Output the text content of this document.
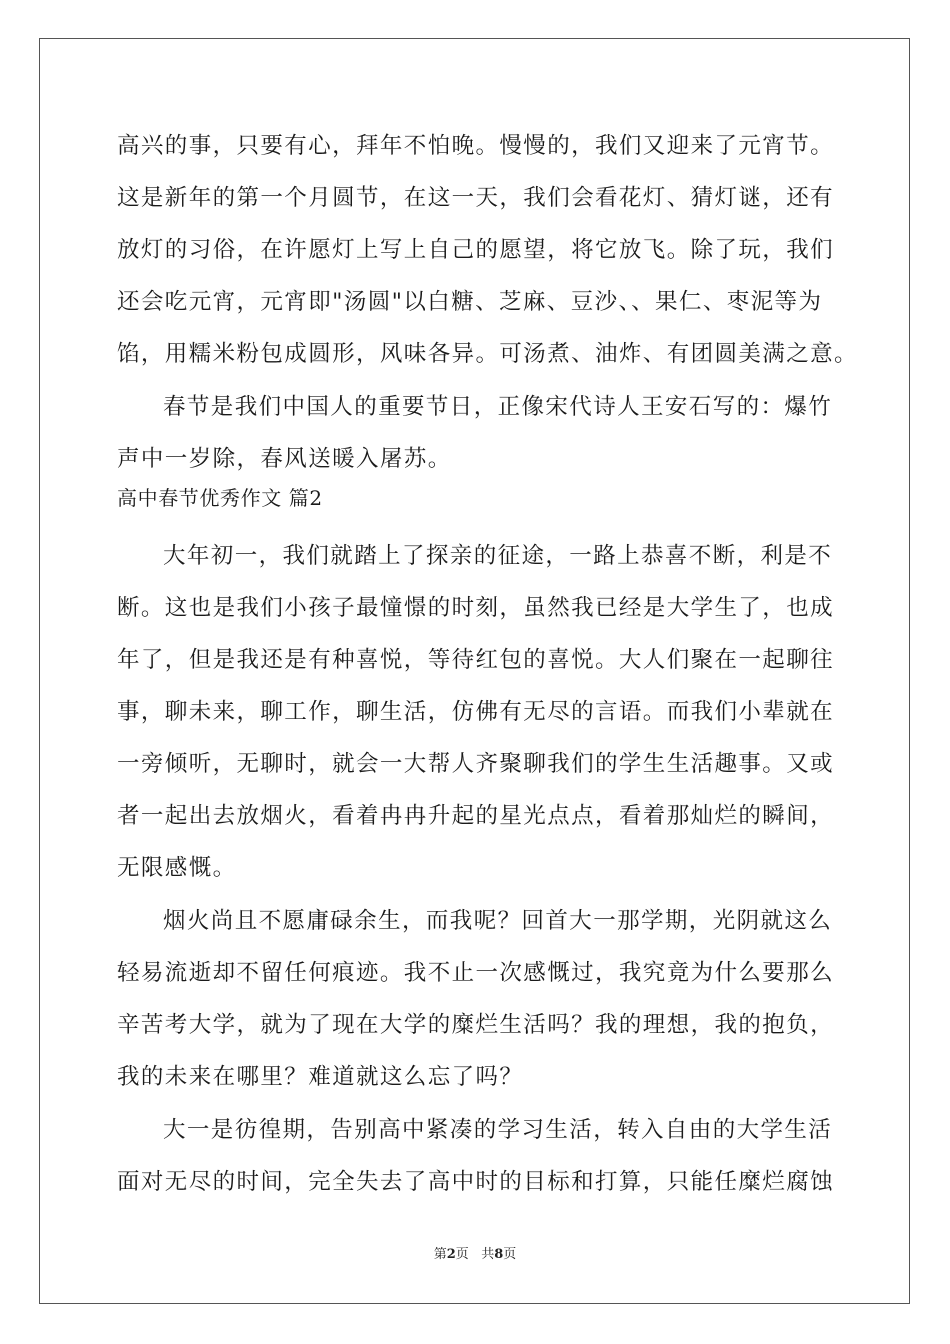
高兴的事，只要有心，拜年不怕晚。慢慢的，我们又迎来了元宵节。
这是新年的第一个月圆节，在这一天，我们会看花灯、猜灯谜，还有
放灯的习俗，在许愿灯上写上自己的愿望，将它放飞。除了玩，我们
还会吃元宵，元宵即"汤圆"以白糖、芝麻、豆沙、、果仁、枣泥等为
馅，用糯米粉包成圆形，风味各异。可汤煮、油炸、有团圆美满之意。
春节是我们中国人的重要节日，正像宋代诗人王安石写的：爆竹
声中一岁除，春风送暖入屠苏。
高中春节优秀作文 篇2
大年初一，我们就踏上了探亲的征途，一路上恭喜不断，利是不
断。这也是我们小孩子最憧憬的时刻，虽然我已经是大学生了，也成
年了，但是我还是有种喜悦，等待红包的喜悦。大人们聚在一起聊往
事，聊未来，聊工作，聊生活，仿佛有无尽的言语。而我们小辈就在
一旁倾听，无聊时，就会一大帮人齐聚聊我们的学生生活趣事。又或
者一起出去放烟火，看着冉冉升起的星光点点，看着那灿烂的瞬间，
无限感慨。
烟火尚且不愿庸碌余生，而我呢？回首大一那学期，光阴就这么
轻易流逝却不留任何痕迹。我不止一次感慨过，我究竟为什么要那么
辛苦考大学，就为了现在大学的糜烂生活吗？我的理想，我的抱负，
我的未来在哪里？难道就这么忘了吗？
大一是彷徨期，告别高中紧凑的学习生活，转入自由的大学生活
面对无尽的时间，完全失去了高中时的目标和打算，只能任糜烂腐蚀
第2页 共8页
